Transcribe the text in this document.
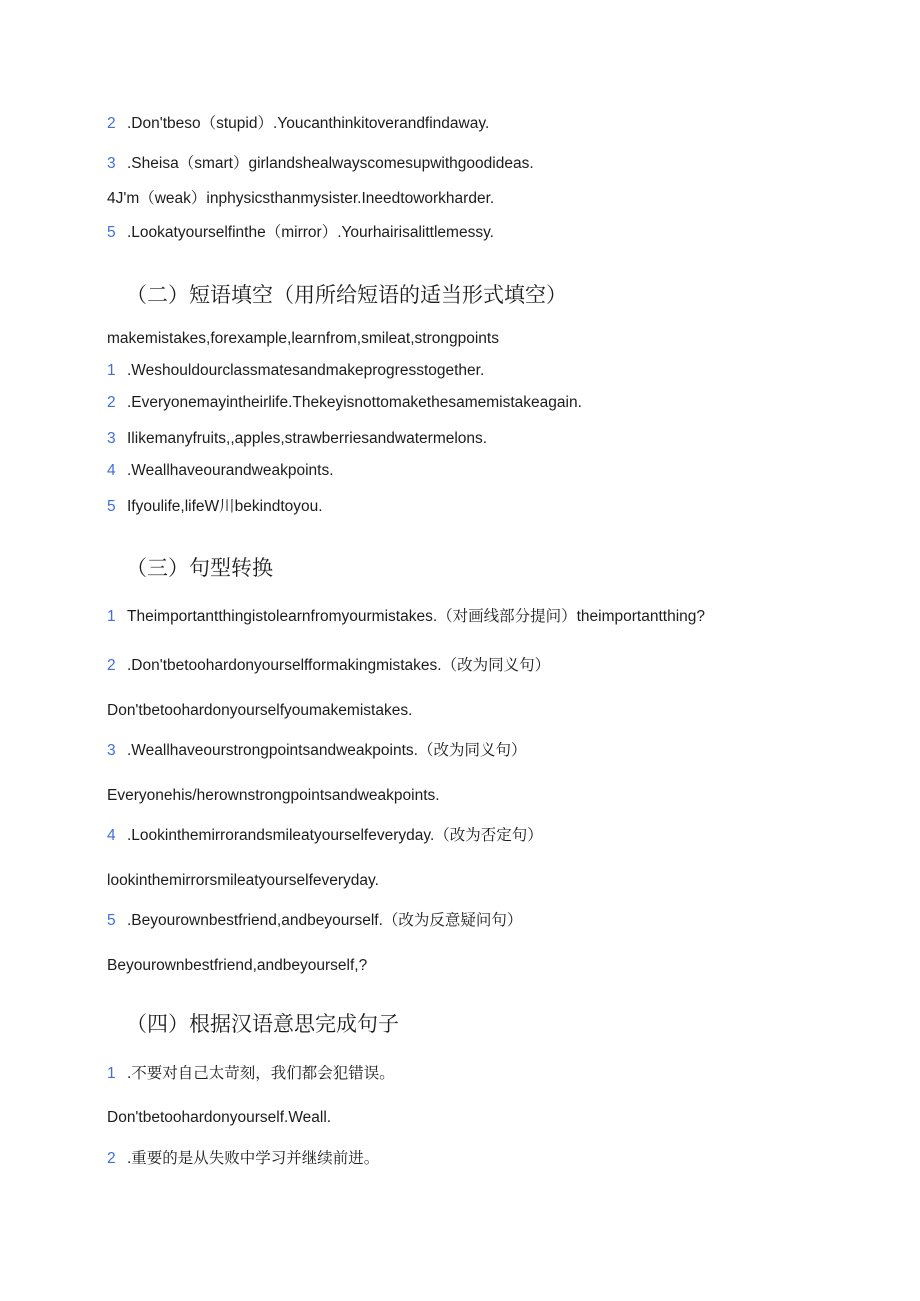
2 .Don'tbeso（stupid）.Youcanthinkitoverandfindaway.
3 .Sheisa（smart）girlandshealwayscomesupwithgoodideas.
4J'm（weak）inphysicsthanmysister.Ineedtoworkharder.
5 .Lookatyourselfinthe（mirror）.Yourhairisalittlemessy.
（二）短语填空（用所给短语的适当形式填空）
makemistakes,forexample,learnfrom,smileat,strongpoints
1 .Weshouldourclassmatesandmakeprogresstogether.
2 .Everyonemayintheirlife.Thekeyisnottomakethesamemistakeagain.
3 Ilikemanyfruits,,apples,strawberriesandwatermelons.
4 .Weallhaveourandweakpoints.
5 Ifyoulife,lifeW川bekindtoyou.
（三）句型转换
1 Theimportantthingistolearnfromyourmistakes.（对画线部分提问）theimportantthing?
2 .Don'tbetoohardonyourselfformakingmistakes.（改为同义句）
Don'tbetoohardonyourselfyoumakemistakes.
3 .Weallhaveourstrongpointsandweakpoints.（改为同义句）
Everyonehis/herownstrongpointsandweakpoints.
4 .Lookinthemirrorandsmileatyourselfeveryday.（改为否定句）
lookinthemirrorsmileatyourselfeveryday.
5 .Beyourownbestfriend,andbeyourself.（改为反意疑问句）
Beyourownbestfriend,andbeyourself,?
（四）根据汉语意思完成句子
1 .不要对自己太苛刻，我们都会犯错误。
Don'tbetoohardonyourself.Weall.
2 .重要的是从失败中学习并继续前进。
